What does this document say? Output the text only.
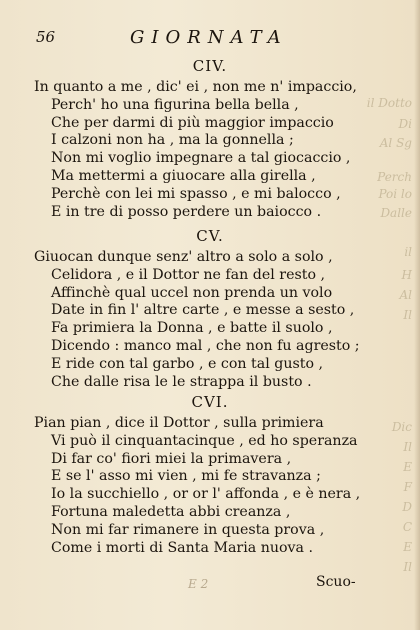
56	GIORNATA
il Dotto
Di
Al Sg
Perch
Poi lo
Dalle
il
H
Al
Il
Dic
Il
E
F
D
C
E
Il
CIV.
In quanto a me , dic' ei , non me n' impaccio,
Perch' ho una figurina bella bella ,
Che per darmi di più maggior impaccio
I calzoni non ha , ma la gonnella ;
Non mi voglio impegnare a tal giocaccio ,
Ma mettermi a giuocare alla girella ,
Perchè con lei mi spasso , e mi balocco ,
E in tre di posso perdere un baiocco .
CV.
Giuocan dunque senz' altro a solo a solo ,
Celidora , e il Dottor ne fan del resto ,
Affinchè qual uccel non prenda un volo
Date in fin l' altre carte , e messe a sesto ,
Fa primiera la Donna , e batte il suolo ,
Dicendo : manco mal , che non fu agresto ;
E ride con tal garbo , e con tal gusto ,
Che dalle risa le le strappa il busto .
CVI.
Pian pian , dice il Dottor , sulla primiera
Vi può il cinquantacinque , ed ho speranza
Di far co' fiori miei la primavera ,
E se l' asso mi vien , mi fe stravanza ;
Io la succhiello , or or l' affonda , e è nera ,
Fortuna maledetta abbi creanza ,
Non mi far rimanere in questa prova ,
Come i morti di Santa Maria nuova .
E 2	Scuo-
